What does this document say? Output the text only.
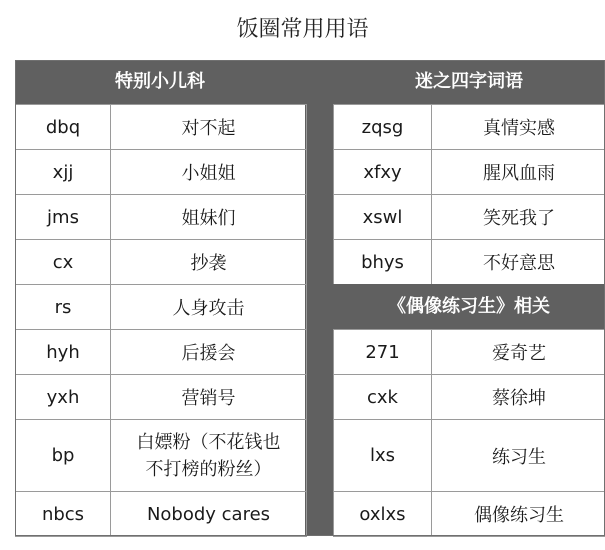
饭圈常用用语
特别小儿科	迷之四字词语
dbq	对不起
xjj	小姐姐
jms	姐妹们
cx	抄袭
rs	人身攻击
hyh	后援会
yxh	营销号
bp	白嫖粉（不花钱也
不打榜的粉丝）

nbcs	Nobody cares
zqsg	真情实感
xfxy	腥风血雨
xswl	笑死我了
bhys	不好意思
《偶像练习生》相关
271	爱奇艺
cxk	蔡徐坤
lxs	练习生
oxlxs	偶像练习生
